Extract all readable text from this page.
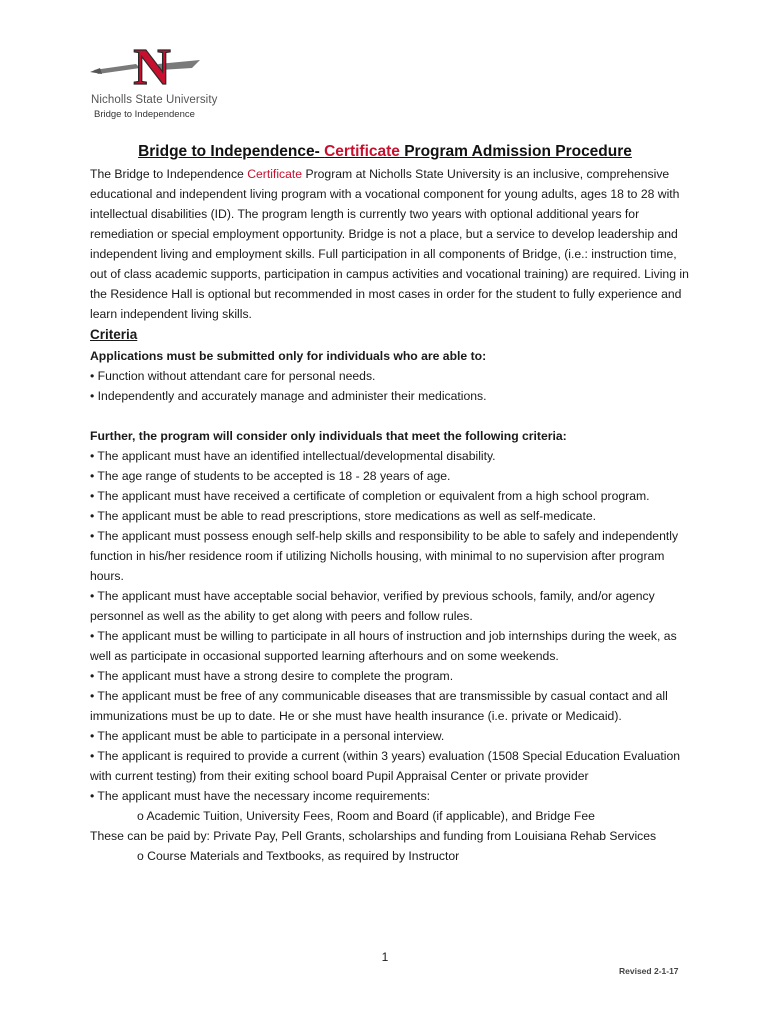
N
Nicholls State University
Bridge to Independence
Bridge to Independence- Certificate Program Admission Procedure

The Bridge to Independence Certificate Program at Nicholls State University is an inclusive, comprehensive educational and independent living program with a vocational component for young adults, ages 18 to 28 with intellectual disabilities (ID). The program length is currently two years with optional additional years for remediation or special employment opportunity. Bridge is not a place, but a service to develop leadership and independent living and employment skills. Full participation in all components of Bridge, (i.e.: instruction time, out of class academic supports, participation in campus activities and vocational training) are required. Living in the Residence Hall is optional but recommended in most cases in order for the student to fully experience and learn independent living skills.

Criteria

Applications must be submitted only for individuals who are able to:

• Function without attendant care for personal needs.

• Independently and accurately manage and administer their medications.

Further, the program will consider only individuals that meet the following criteria:

• The applicant must have an identified intellectual/developmental disability.

• The age range of students to be accepted is 18 - 28 years of age.

• The applicant must have received a certificate of completion or equivalent from a high school program.

• The applicant must be able to read prescriptions, store medications as well as self-medicate.

• The applicant must possess enough self-help skills and responsibility to be able to safely and independently function in his/her residence room if utilizing Nicholls housing, with minimal to no supervision after program hours.

• The applicant must have acceptable social behavior, verified by previous schools, family, and/or agency personnel as well as the ability to get along with peers and follow rules.

• The applicant must be willing to participate in all hours of instruction and job internships during the week, as well as participate in occasional supported learning afterhours and on some weekends.

• The applicant must have a strong desire to complete the program.

• The applicant must be free of any communicable diseases that are transmissible by casual contact and all immunizations must be up to date. He or she must have health insurance (i.e. private or Medicaid).

• The applicant must be able to participate in a personal interview.

• The applicant is required to provide a current (within 3 years) evaluation (1508 Special Education Evaluation with current testing) from their exiting school board Pupil Appraisal Center or private provider

• The applicant must have the necessary income requirements:

o Academic Tuition, University Fees, Room and Board (if applicable), and Bridge Fee

These can be paid by: Private Pay, Pell Grants, scholarships and funding from Louisiana Rehab Services

o Course Materials and Textbooks, as required by Instructor

1
Revised 2-1-17
